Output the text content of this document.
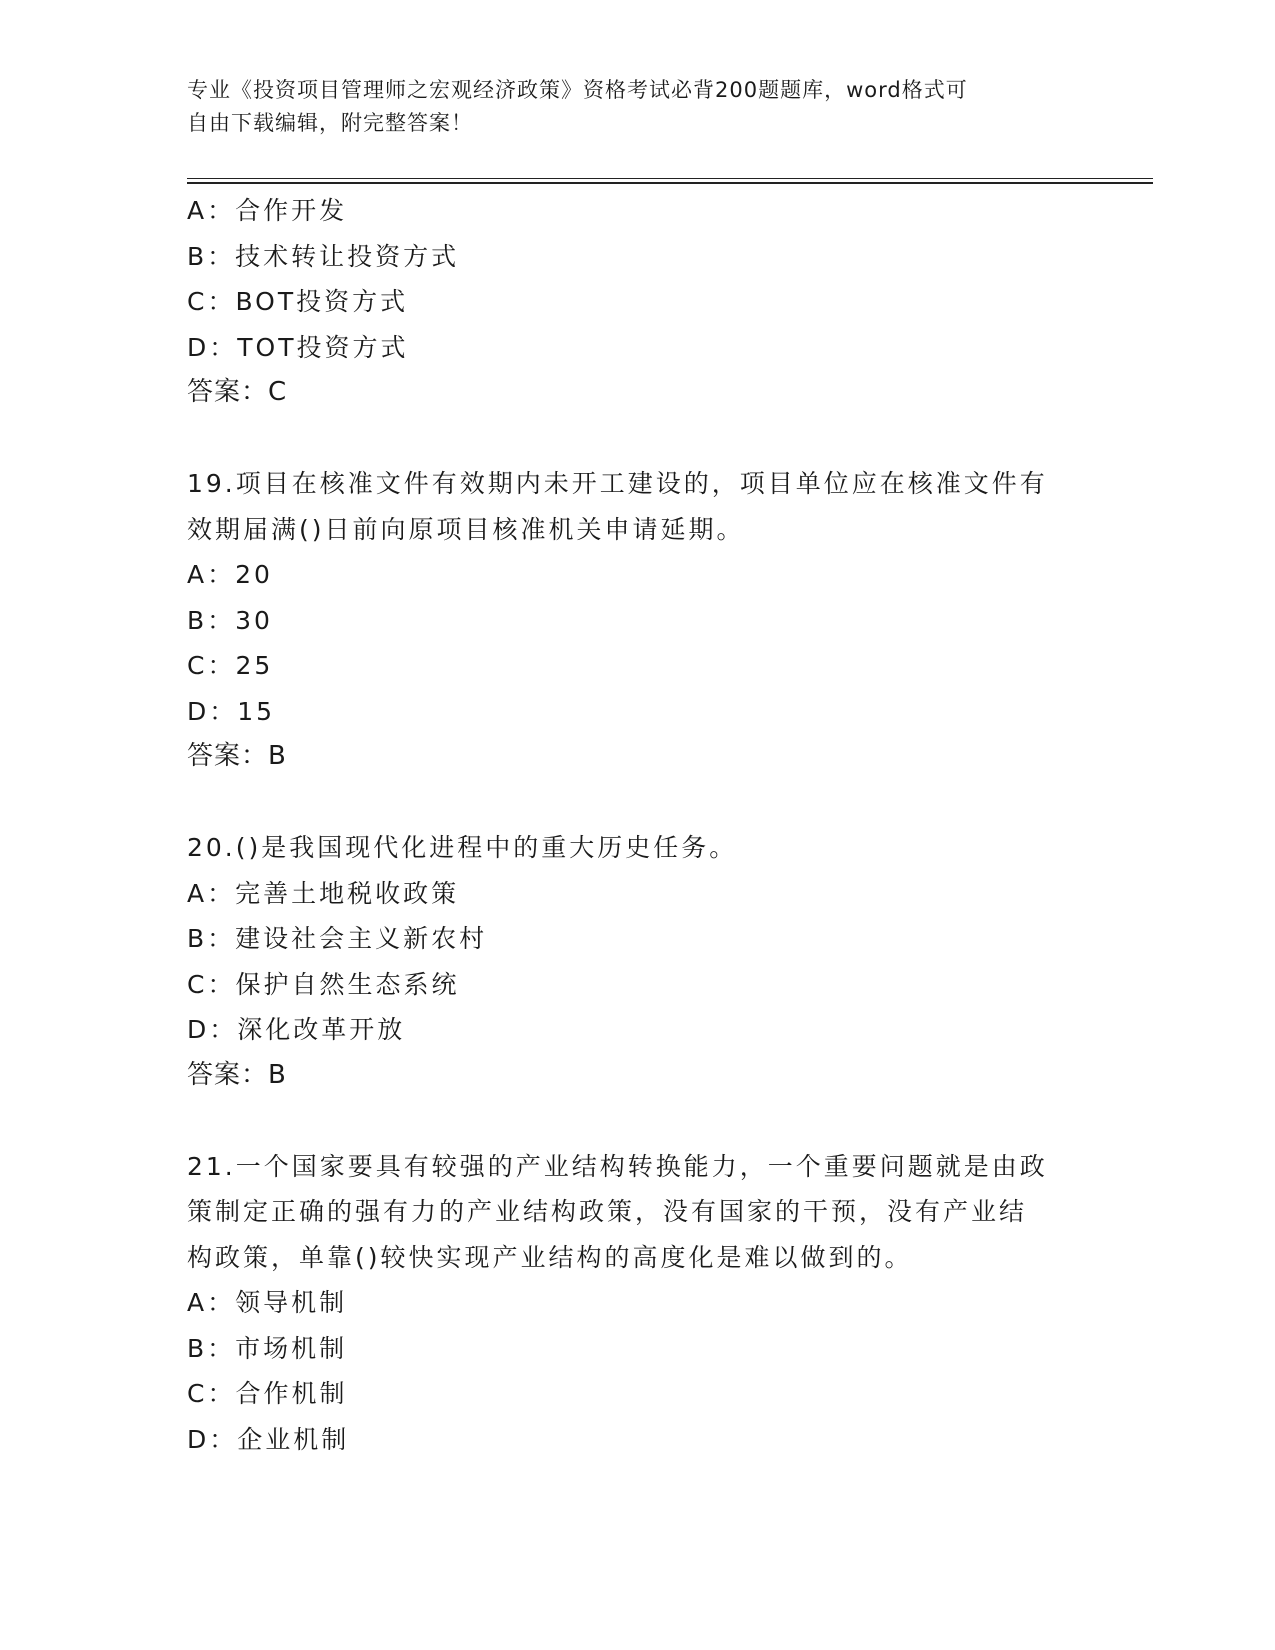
专业《投资项目管理师之宏观经济政策》资格考试必背200题题库，word格式可
自由下载编辑，附完整答案！
A：合作开发
B：技术转让投资方式
C：BOT投资方式
D：TOT投资方式
答案：C
19.项目在核准文件有效期内未开工建设的，项目单位应在核准文件有
效期届满()日前向原项目核准机关申请延期。
A：20
B：30
C：25
D：15
答案：B
20.()是我国现代化进程中的重大历史任务。
A：完善土地税收政策
B：建设社会主义新农村
C：保护自然生态系统
D：深化改革开放
答案：B
21.一个国家要具有较强的产业结构转换能力，一个重要问题就是由政
策制定正确的强有力的产业结构政策，没有国家的干预，没有产业结
构政策，单靠()较快实现产业结构的高度化是难以做到的。
A：领导机制
B：市场机制
C：合作机制
D：企业机制
